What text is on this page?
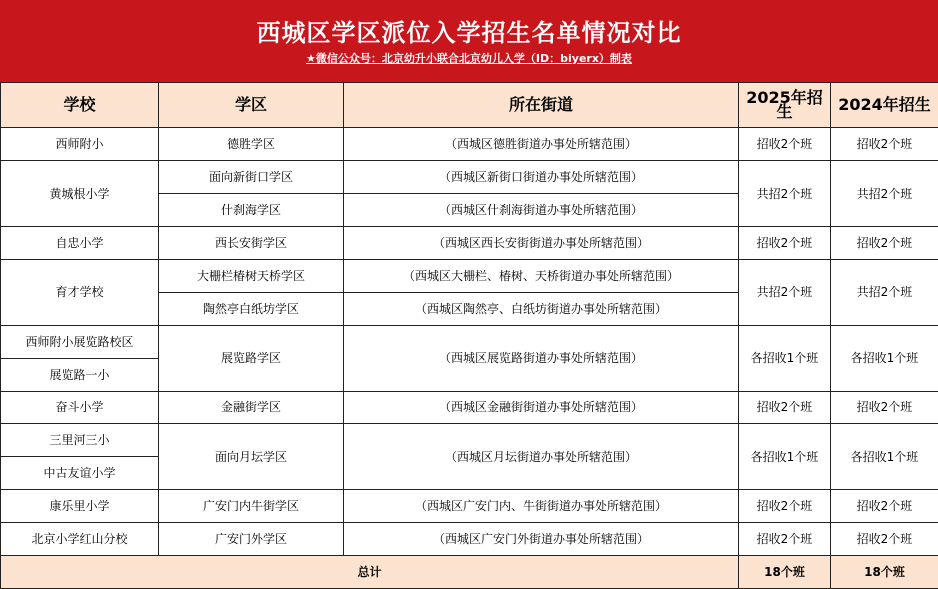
西城区学区派位入学招生名单情况对比
★微信公众号：北京幼升小联合北京幼儿入学（ID：biyerx）制表
学校	学区	所在街道	2025年招生	2024年招生
西师附小	德胜学区	（西城区德胜街道办事处所辖范围）	招收2个班	招收2个班
黄城根小学	面向新街口学区	（西城区新街口街道办事处所辖范围）	共招2个班	共招2个班
	什刹海学区	（西城区什刹海街道办事处所辖范围）		
自忠小学	西长安街学区	（西城区西长安街街道办事处所辖范围）	招收2个班	招收2个班
育才学校	大栅栏椿树天桥学区	（西城区大栅栏、椿树、天桥街道办事处所辖范围）	共招2个班	共招2个班
	陶然亭白纸坊学区	（西城区陶然亭、白纸坊街道办事处所辖范围）		
西师附小展览路校区	展览路学区	（西城区展览路街道办事处所辖范围）	各招收1个班	各招收1个班
展览路一小				
奋斗小学	金融街学区	（西城区金融街街道办事处所辖范围）	招收2个班	招收2个班
三里河三小	面向月坛学区	（西城区月坛街道办事处所辖范围）	各招收1个班	各招收1个班
中古友谊小学				
康乐里小学	广安门内牛街学区	（西城区广安门内、牛街街道办事处所辖范围）	招收2个班	招收2个班
北京小学红山分校	广安门外学区	（西城区广安门外街道办事处所辖范围）	招收2个班	招收2个班
总计			18个班	18个班
